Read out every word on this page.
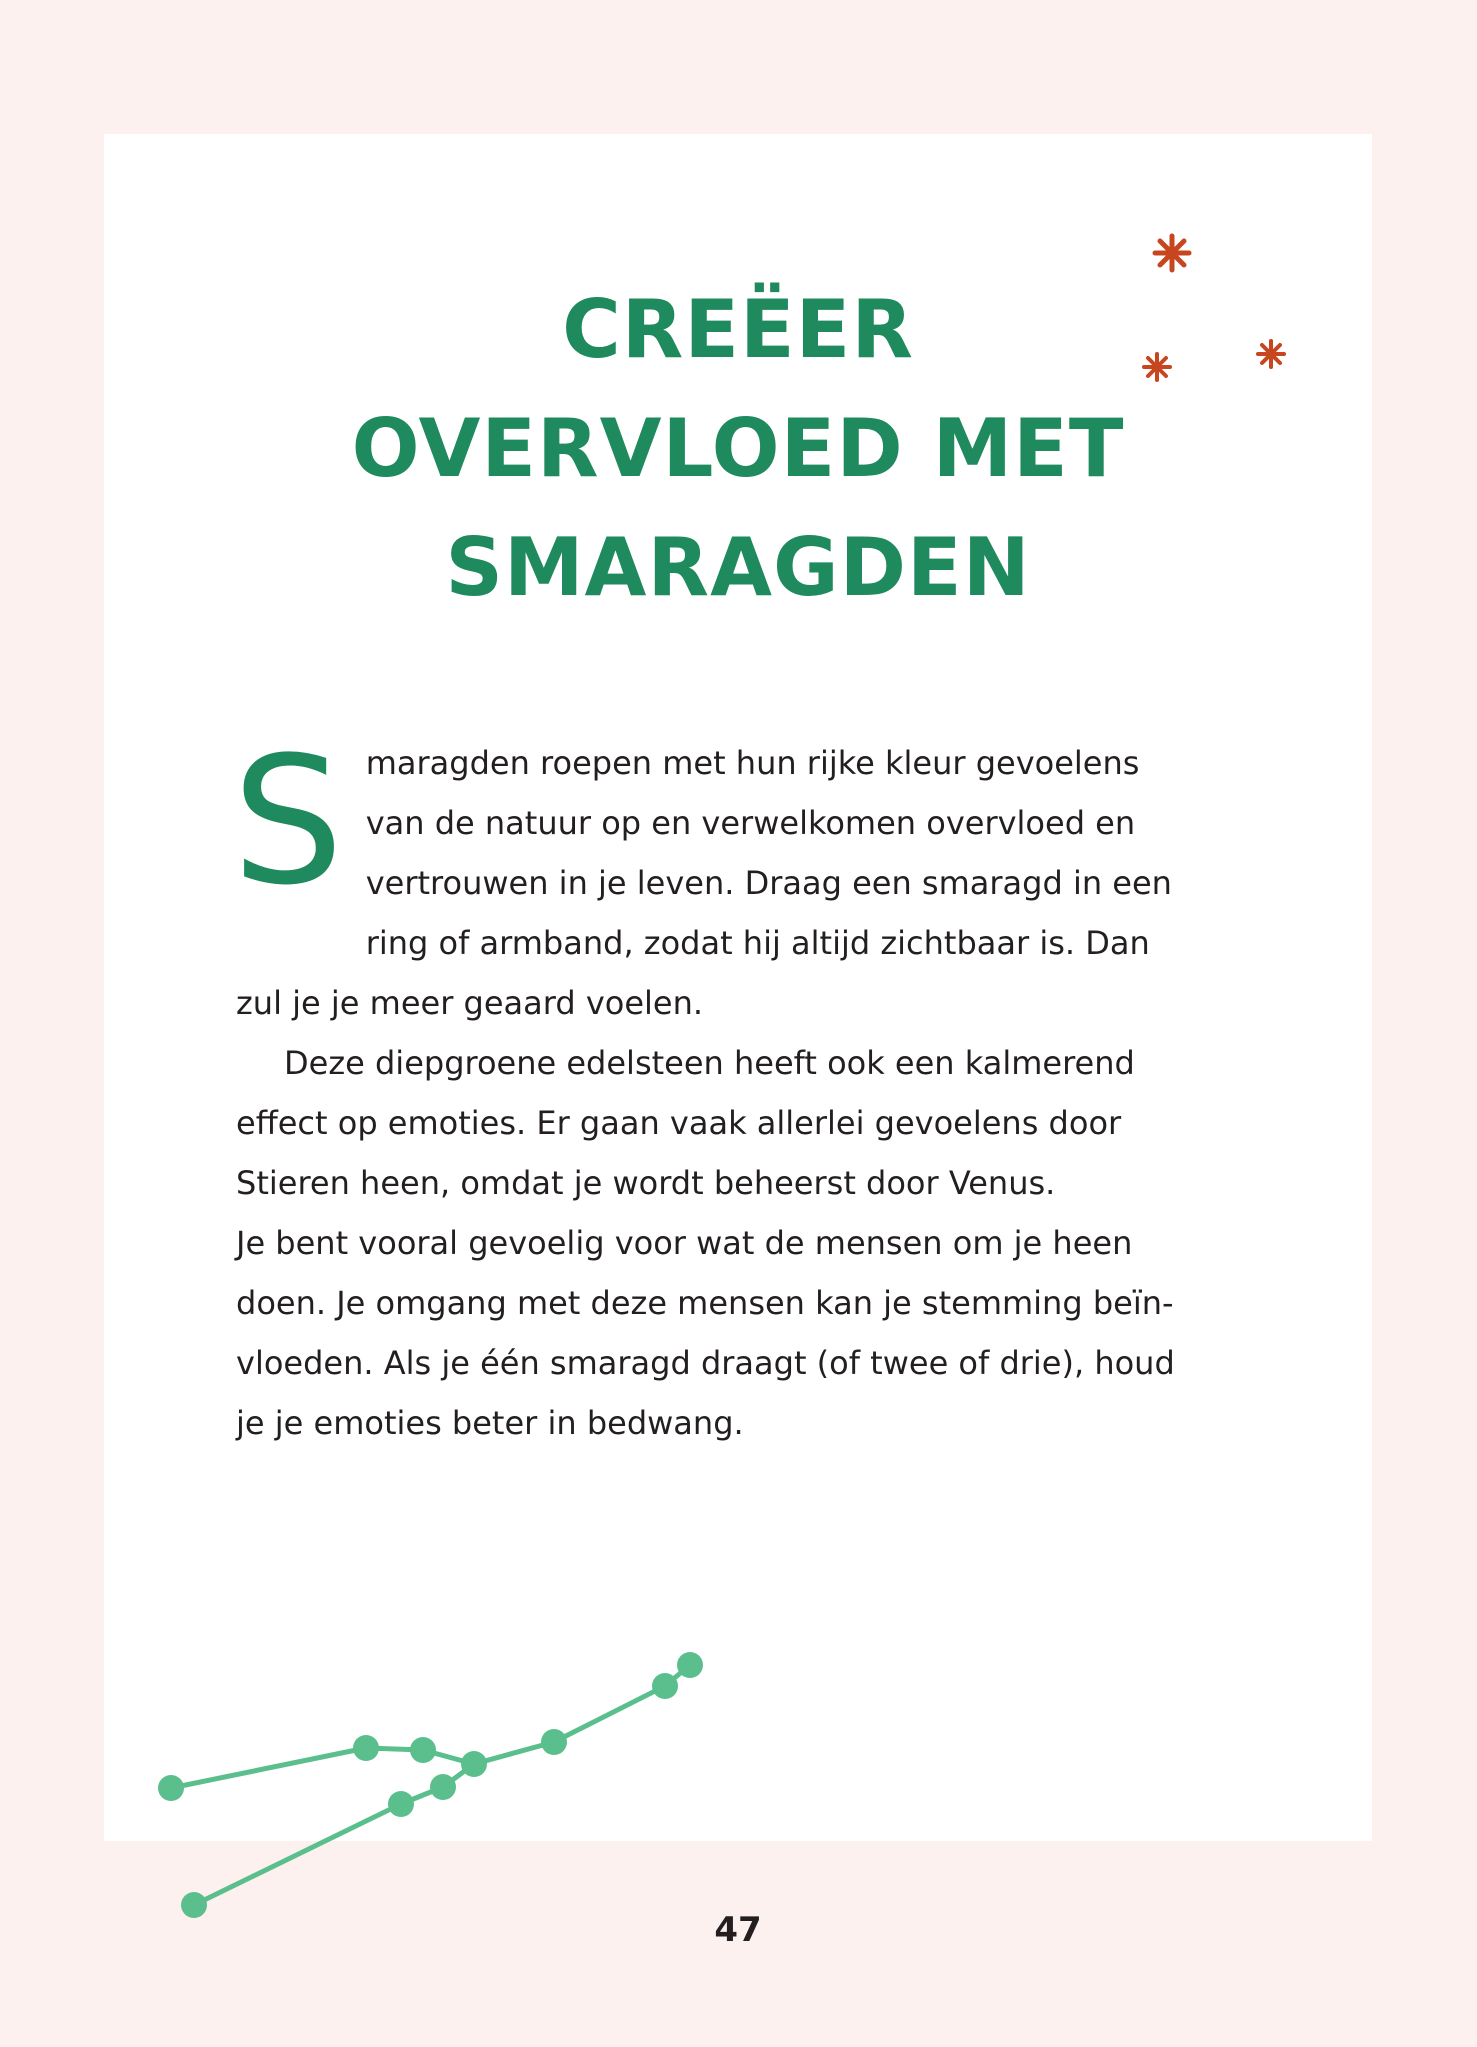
CREËER
OVERVLOED MET
SMARAGDEN

Smaragden roepen met hun rijke kleur gevoelens van de natuur op en verwelkomen overvloed en vertrouwen in je leven. Draag een smaragd in een ring of armband, zodat hij altijd zichtbaar is. Dan zul je je meer geaard voelen.

Deze diepgroene edelsteen heeft ook een kalmerend effect op emoties. Er gaan vaak allerlei gevoelens door Stieren heen, omdat je wordt beheerst door Venus.

Je bent vooral gevoelig voor wat de mensen om je heen doen. Je omgang met deze mensen kan je stemming beïn-vloeden. Als je één smaragd draagt (of twee of drie), houd je je emoties beter in bedwang.

47
